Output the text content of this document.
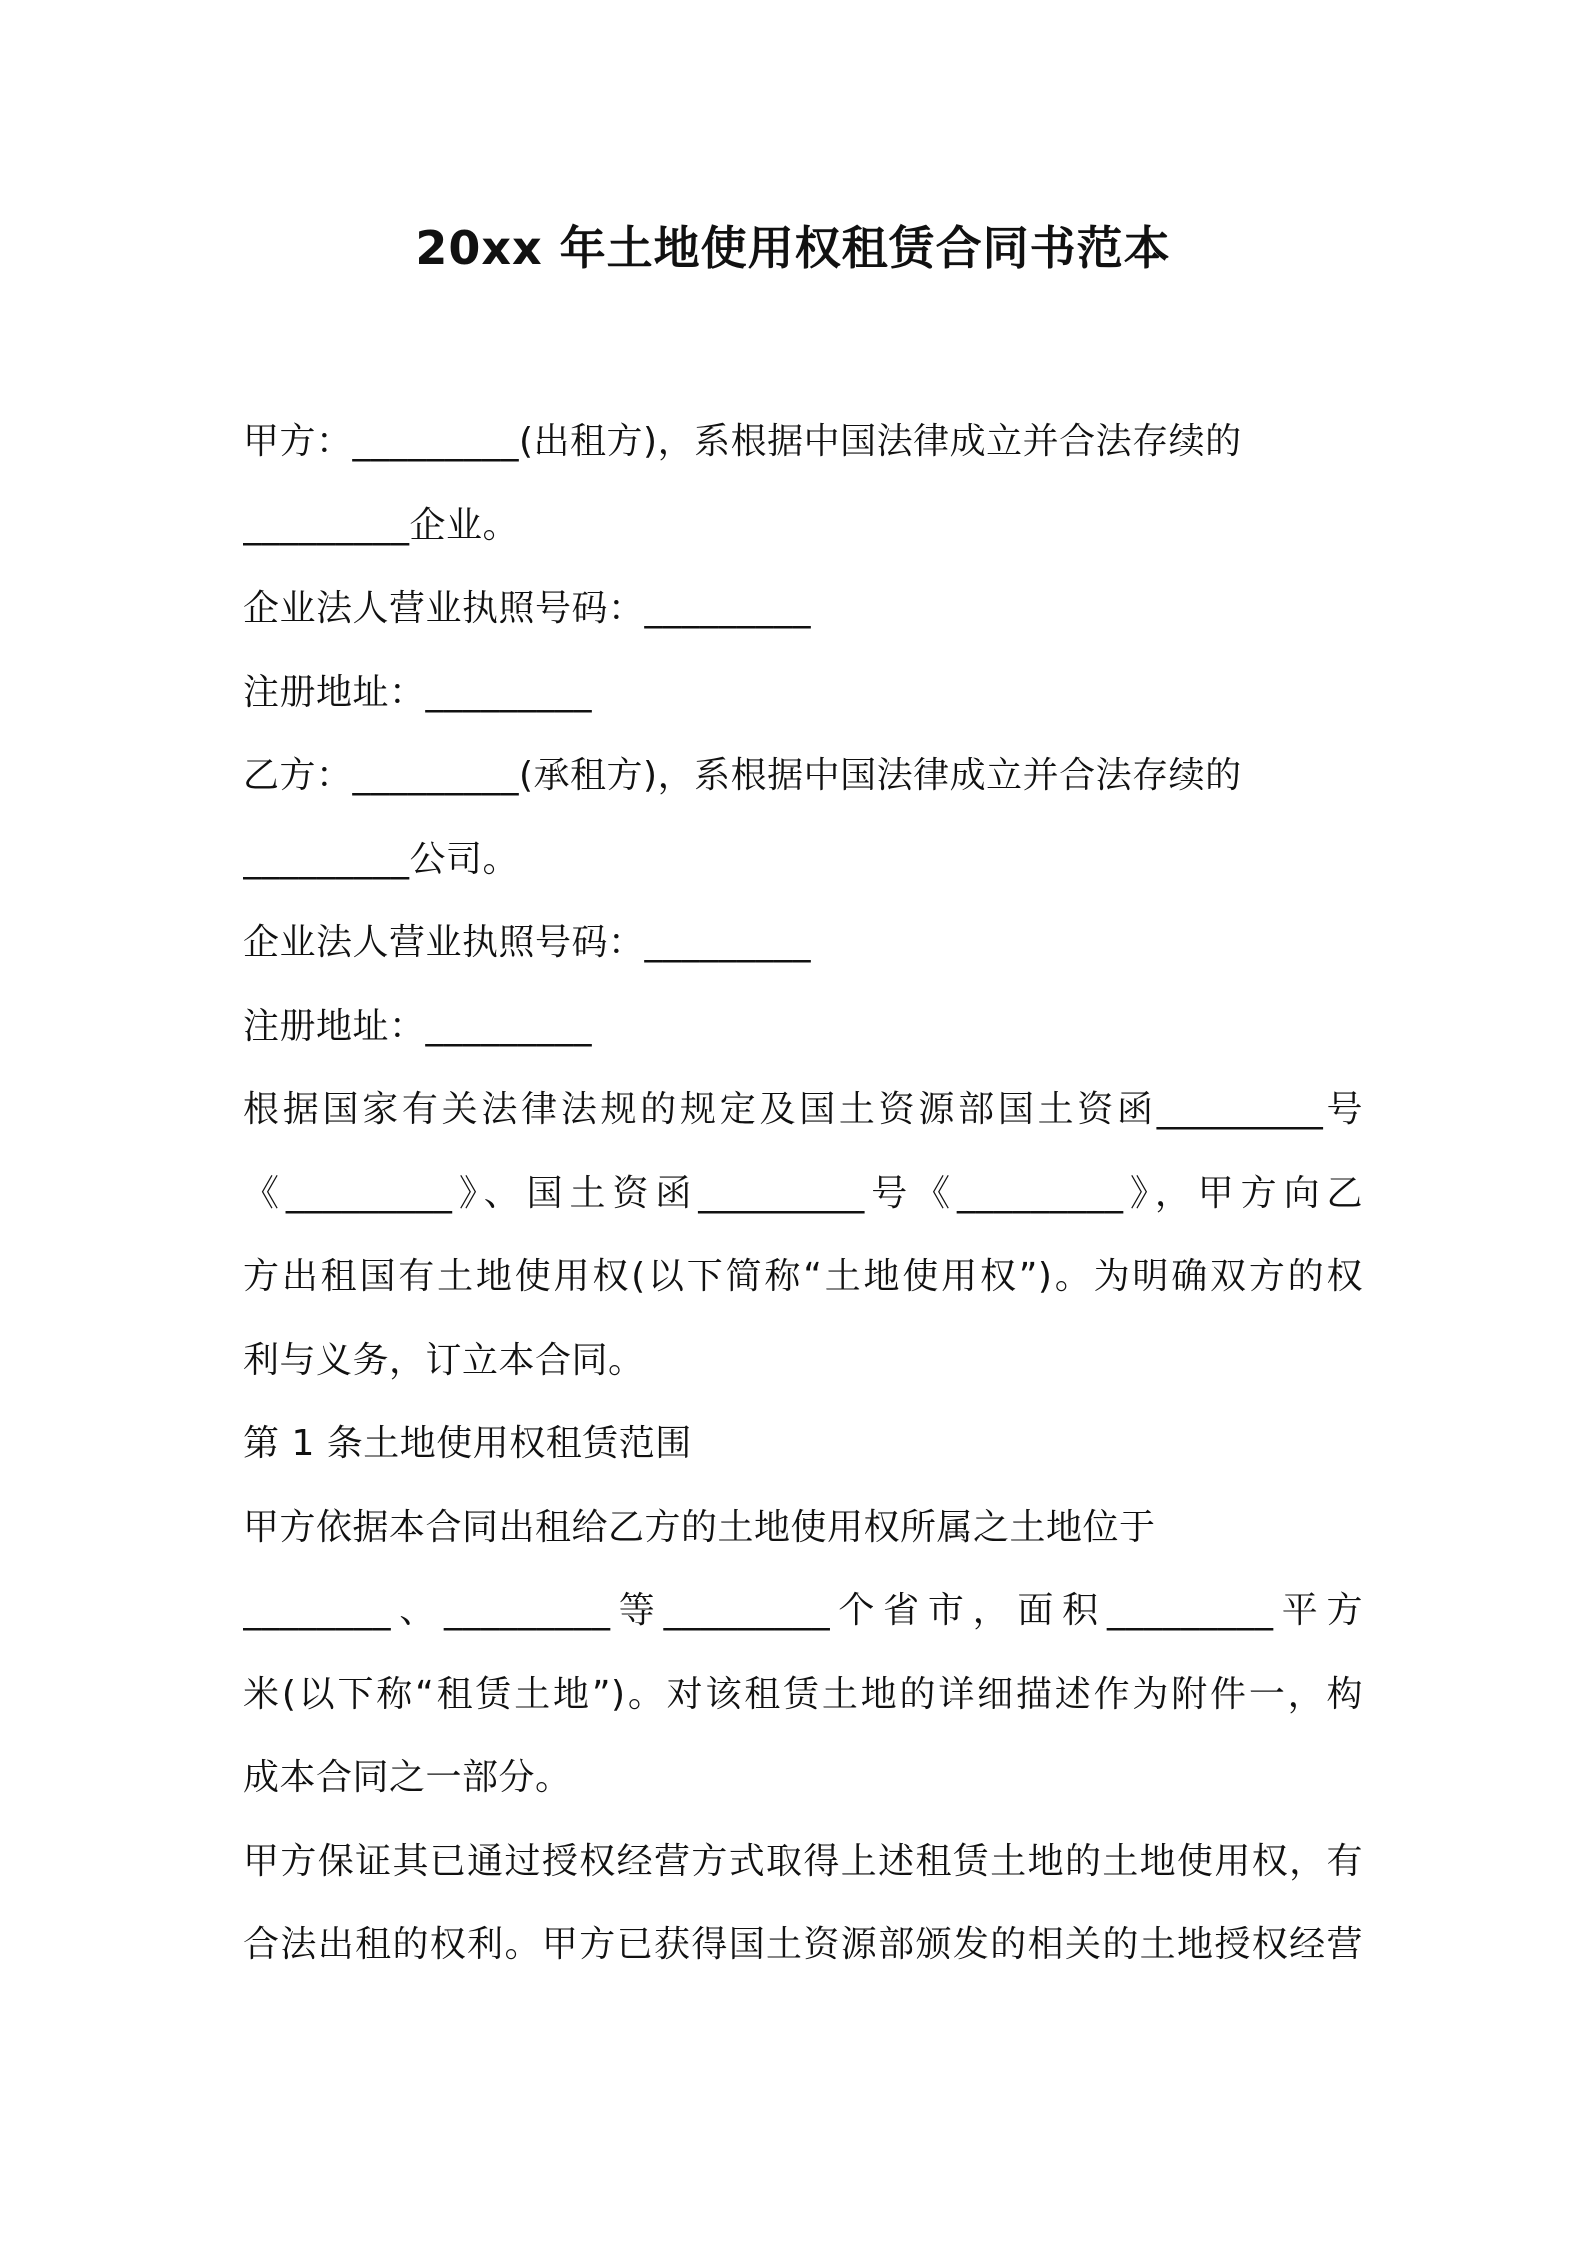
20xx 年土地使用权租赁合同书范本
甲方：_________(出租方)，系根据中国法律成立并合法存续的
_________企业。
企业法人营业执照号码：_________
注册地址：_________
乙方：_________(承租方)，系根据中国法律成立并合法存续的
_________公司。
企业法人营业执照号码：_________
注册地址：_________
根据国家有关法律法规的规定及国土资源部国土资函_________号
《_________》、国土资函_________号《_________》，甲方向乙
方出租国有土地使用权(以下简称“土地使用权”)。为明确双方的权
利与义务，订立本合同。
第 1 条土地使用权租赁范围
甲方依据本合同出租给乙方的土地使用权所属之土地位于
________、_________等_________个省市，面积_________平方
米(以下称“租赁土地”)。对该租赁土地的详细描述作为附件一，构
成本合同之一部分。
甲方保证其已通过授权经营方式取得上述租赁土地的土地使用权，有
合法出租的权利。甲方已获得国土资源部颁发的相关的土地授权经营
